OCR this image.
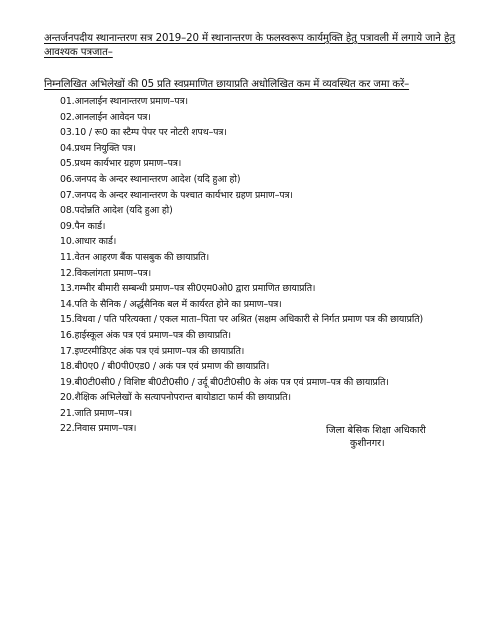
अन्तर्जनपदीय स्थानान्तरण सत्र 2019–20 में स्थानान्तरण के फलस्वरूप कार्यमुक्ति हेतु पत्रावली में लगाये जाने हेतु आवश्यक पत्रजात–
निम्नलिखित अभिलेखों की 05 प्रति स्वप्रमाणित छायाप्रति अधोलिखित कम में व्यवस्थित कर जमा करें–
01.आनलाईन स्थानान्तरण प्रमाण–पत्र।
02.आनलाईन आवेदन पत्र।
03.10 / रू0 का स्टैम्प पेपर पर नोटरी शपथ–पत्र।
04.प्रथम नियुक्ति पत्र।
05.प्रथम कार्यभार ग्रहण प्रमाण–पत्र।
06.जनपद के अन्दर स्थानान्तरण आदेश (यदि हुआ हो)
07.जनपद के अन्दर स्थानान्तरण के पश्चात कार्यभार ग्रहण प्रमाण–पत्र।
08.पदोन्नति आदेश (यदि हुआ हो)
09.पैन कार्ड।
10.आधार कार्ड।
11.वेतन आहरण बैंक पासबुक की छायाप्रति।
12.विकलांगता प्रमाण–पत्र।
13.गम्भीर बीमारी सम्बन्धी प्रमाण–पत्र सी0एम0ओ0 द्वारा प्रमाणित छायाप्रति।
14.पति के सैनिक / अर्द्धसैनिक बल में कार्यरत होने का प्रमाण–पत्र।
15.विधवा / पति परित्यक्ता / एकल माता–पिता पर अश्रित (सक्षम अधिकारी से निर्गत प्रमाण पत्र की छायाप्रति)
16.हाईस्कूल अंक पत्र एवं प्रमाण–पत्र की छायाप्रति।
17.इण्टरमीडिएट अंक पत्र एवं प्रमाण–पत्र की छायाप्रति।
18.बी0ए0 / बी0पी0एड0 / अकं पत्र एवं प्रमाण की छायाप्रति।
19.बी0टी0सी0 / विशिष्ट बी0टी0सी0 / उर्दू बी0टी0सी0 के अंक पत्र एवं प्रमाण–पत्र की छायाप्रति।
20.शैक्षिक अभिलेखों के सत्यापनोपरान्त बायोडाटा फार्म की छायाप्रति।
21.जाति प्रमाण–पत्र।
22.निवास प्रमाण–पत्र।	जिला बेसिक शिक्षा अधिकारी
कुशीनगर।
